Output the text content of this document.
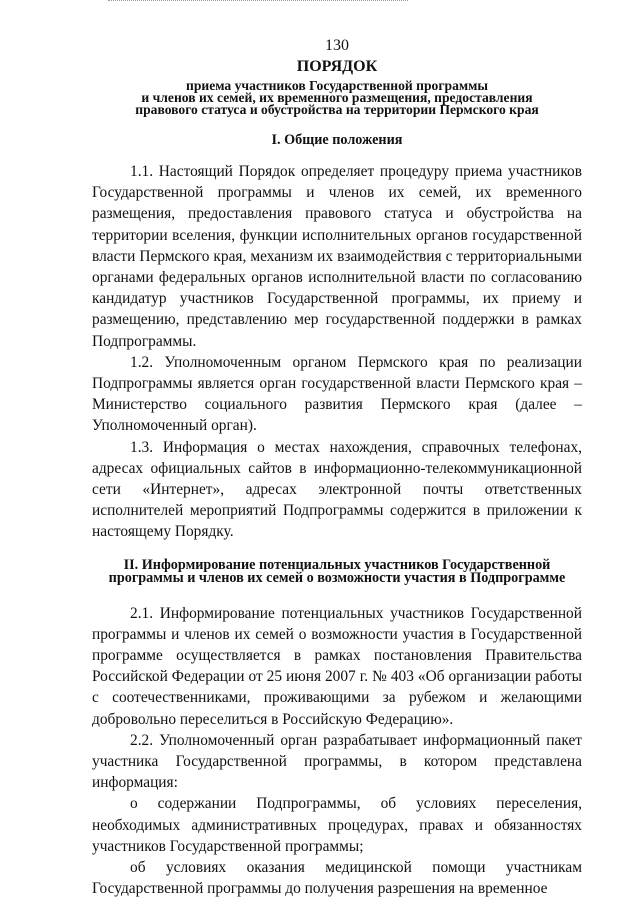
130
ПОРЯДОК
приема участников Государственной программы
и членов их семей, их временного размещения, предоставления
правового статуса и обустройства на территории Пермского края
I. Общие положения

1.1. Настоящий Порядок определяет процедуру приема участников Государственной программы и членов их семей, их временного размещения, предоставления правового статуса и обустройства на территории вселения, функции исполнительных органов государственной власти Пермского края, механизм их взаимодействия с территориальными органами федеральных органов исполнительной власти по согласованию кандидатур участников Государственной программы, их приему и размещению, представлению мер государственной поддержки в рамках Подпрограммы.

1.2. Уполномоченным органом Пермского края по реализации Подпрограммы является орган государственной власти Пермского края – Министерство социального развития Пермского края (далее – Уполномоченный орган).

1.3. Информация о местах нахождения, справочных телефонах, адресах официальных сайтов в информационно-телекоммуникационной сети «Интернет», адресах электронной почты ответственных исполнителей мероприятий Подпрограммы содержится в приложении к настоящему Порядку.

II. Информирование потенциальных участников Государственной
программы и членов их семей о возможности участия в Подпрограмме

2.1. Информирование потенциальных участников Государственной программы и членов их семей о возможности участия в Государственной программе осуществляется в рамках постановления Правительства Российской Федерации от 25 июня 2007 г. № 403 «Об организации работы с соотечественниками, проживающими за рубежом и желающими добровольно переселиться в Российскую Федерацию».

2.2. Уполномоченный орган разрабатывает информационный пакет участника Государственной программы, в котором представлена информация:

о содержании Подпрограммы, об условиях переселения, необходимых административных процедурах, правах и обязанностях участников Государственной программы;

об условиях оказания медицинской помощи участникам Государственной программы до получения разрешения на временное
